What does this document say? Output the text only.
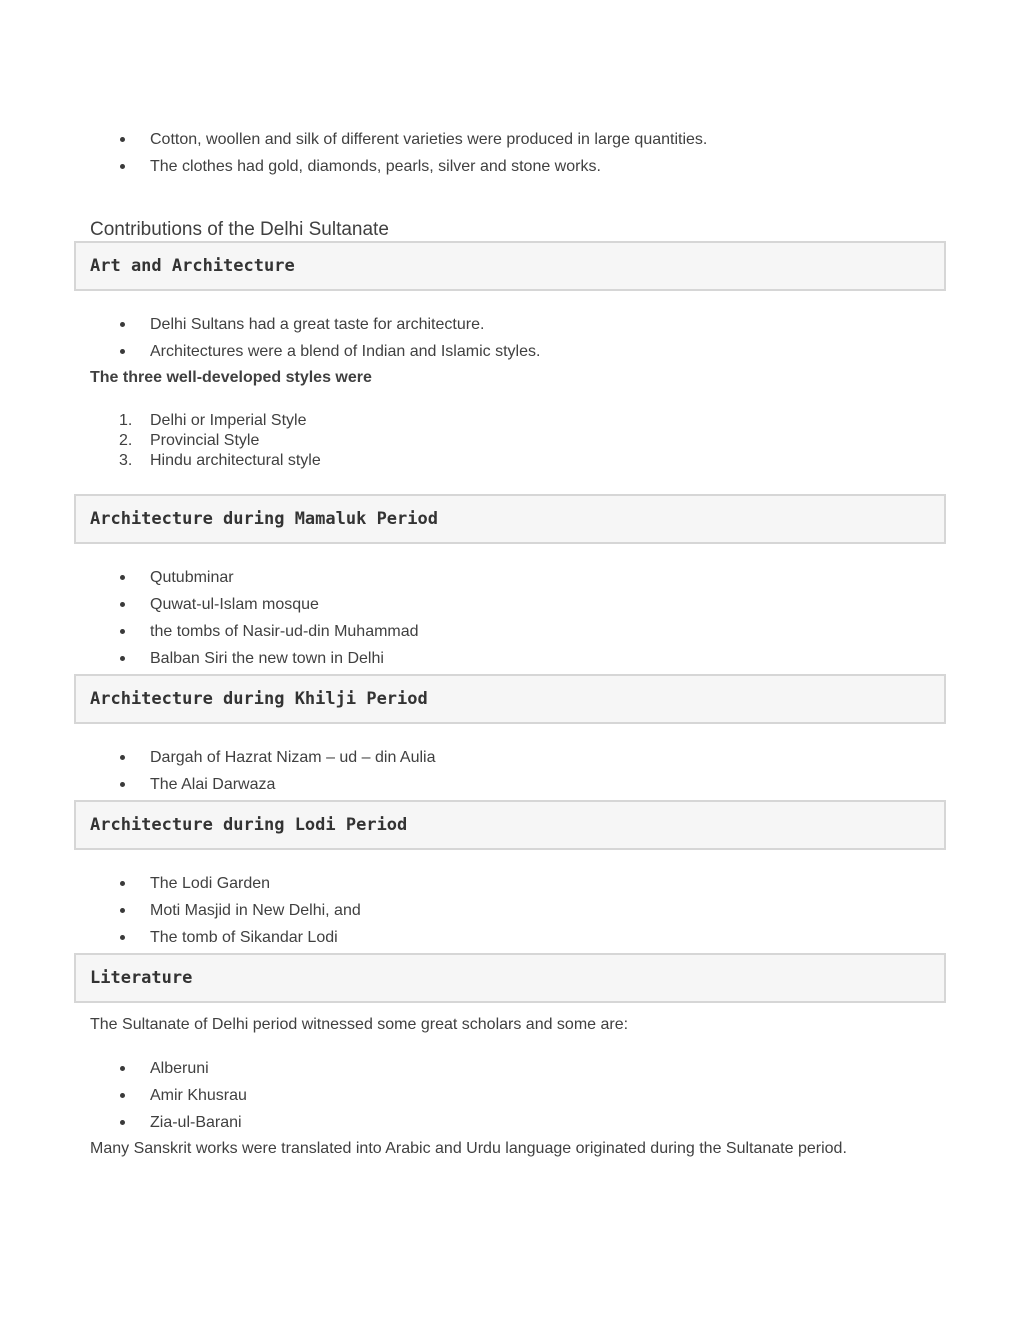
Cotton, woollen and silk of different varieties were produced in large quantities.
The clothes had gold, diamonds, pearls, silver and stone works.
Contributions of the Delhi Sultanate
Art and Architecture
Delhi Sultans had a great taste for architecture.
Architectures were a blend of Indian and Islamic styles.
The three well-developed styles were
1. Delhi or Imperial Style
2. Provincial Style
3. Hindu architectural style
Architecture during Mamaluk Period
Qutubminar
Quwat-ul-Islam mosque
the tombs of Nasir-ud-din Muhammad
Balban Siri the new town in Delhi
Architecture during Khilji Period
Dargah of Hazrat Nizam – ud – din Aulia
The Alai Darwaza
Architecture during Lodi Period
The Lodi Garden
Moti Masjid in New Delhi, and
The tomb of Sikandar Lodi
Literature
The Sultanate of Delhi period witnessed some great scholars and some are:
Alberuni
Amir Khusrau
Zia-ul-Barani
Many Sanskrit works were translated into Arabic and Urdu language originated during the Sultanate period.
